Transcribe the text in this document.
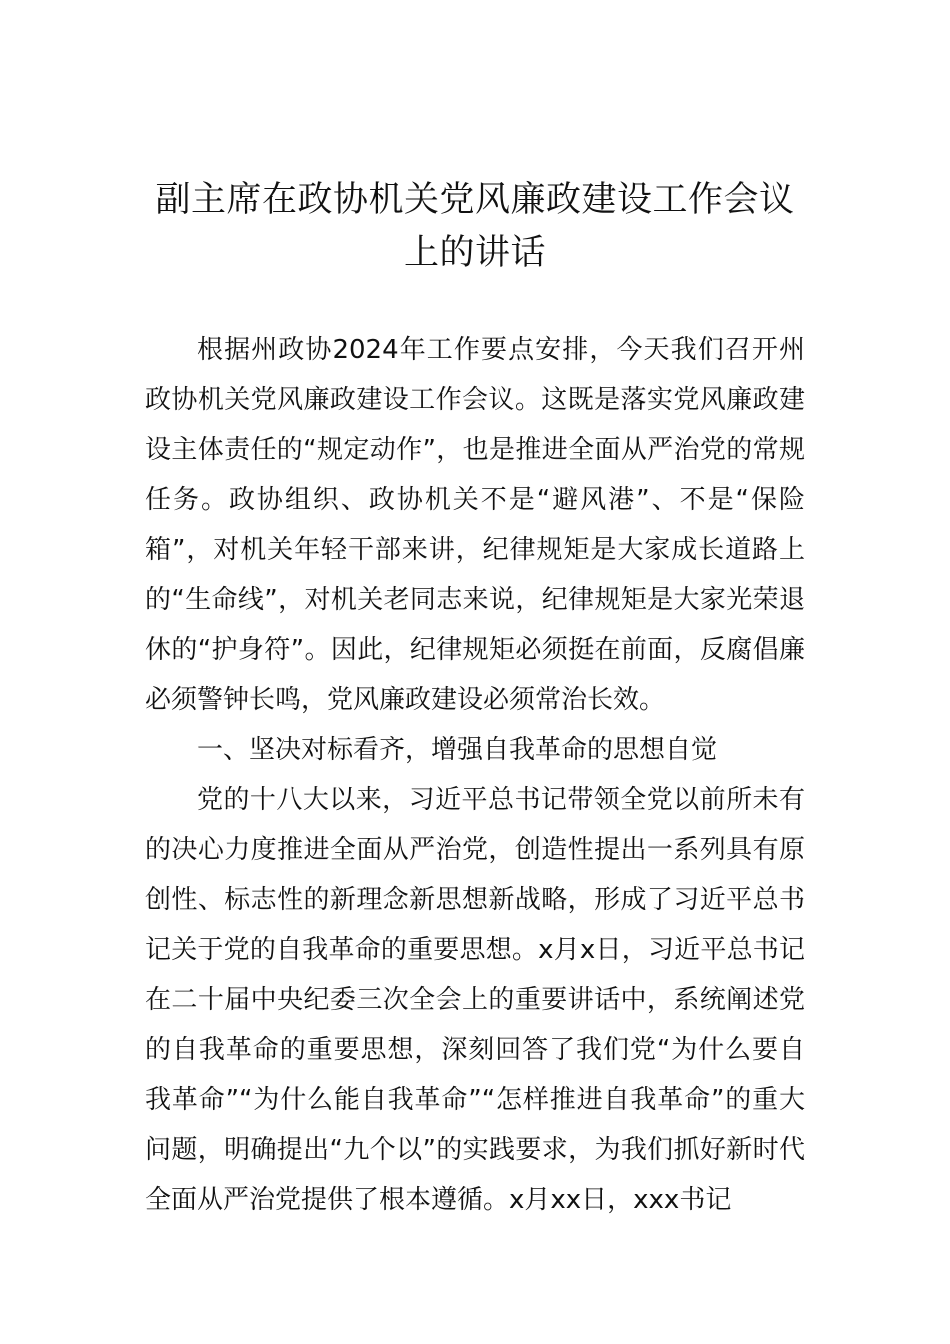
副主席在政协机关党风廉政建设工作会议
上的讲话

根据州政协2024年工作要点安排，今天我们召开州政协机关党风廉政建设工作会议。这既是落实党风廉政建设主体责任的“规定动作”，也是推进全面从严治党的常规任务。政协组织、政协机关不是“避风港”、不是“保险箱”，对机关年轻干部来讲，纪律规矩是大家成长道路上的“生命线”，对机关老同志来说，纪律规矩是大家光荣退休的“护身符”。因此，纪律规矩必须挺在前面，反腐倡廉必须警钟长鸣，党风廉政建设必须常治长效。

一、坚决对标看齐，增强自我革命的思想自觉

党的十八大以来，习近平总书记带领全党以前所未有的决心力度推进全面从严治党，创造性提出一系列具有原创性、标志性的新理念新思想新战略，形成了习近平总书记关于党的自我革命的重要思想。x月x日，习近平总书记在二十届中央纪委三次全会上的重要讲话中，系统阐述党的自我革命的重要思想，深刻回答了我们党“为什么要自我革命”“为什么能自我革命”“怎样推进自我革命”的重大问题，明确提出“九个以”的实践要求，为我们抓好新时代全面从严治党提供了根本遵循。x月xx日，xxx书记
